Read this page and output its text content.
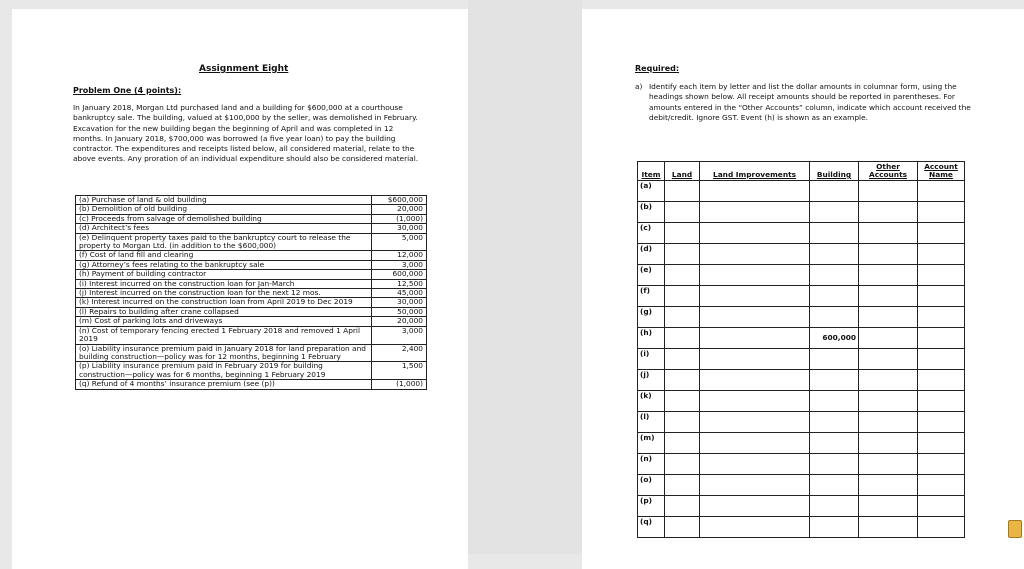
Assignment Eight
Problem One (4 points):
In January 2018, Morgan Ltd purchased land and a building for $600,000 at a courthouse bankruptcy sale. The building, valued at $100,000 by the seller, was demolished in February. Excavation for the new building began the beginning of April and was completed in 12 months. In January 2018, $700,000 was borrowed (a five year loan) to pay the building contractor. The expenditures and receipts listed below, all considered material, relate to the above events. Any proration of an individual expenditure should also be considered material.
(a) Purchase of land & old building	$600,000
(b) Demolition of old building	20,000
(c) Proceeds from salvage of demolished building	(1,000)
(d) Architect’s fees	30,000
(e) Delinquent property taxes paid to the bankruptcy court to release the property to Morgan Ltd. (in addition to the $600,000)	5,000
(f) Cost of land fill and clearing	12,000
(g) Attorney’s fees relating to the bankruptcy sale	3,000
(h) Payment of building contractor	600,000
(i) Interest incurred on the construction loan for Jan-March	12,500
(j) Interest incurred on the construction loan for the next 12 mos.	45,000
(k) Interest incurred on the construction loan from April 2019 to Dec 2019	30,000
(l) Repairs to building after crane collapsed	50,000
(m) Cost of parking lots and driveways	20,000
(n) Cost of temporary fencing erected 1 February 2018 and removed 1 April 2019	3,000
(o) Liability insurance premium paid in January 2018 for land preparation and building construction—policy was for 12 months, beginning 1 February	2,400
(p) Liability insurance premium paid in February 2019 for building construction—policy was for 6 months, beginning 1 February 2019	1,500
(q) Refund of 4 months’ insurance premium (see (p))	(1,000)
Required:
a) Identify each item by letter and list the dollar amounts in columnar form, using the headings shown below. All receipt amounts should be reported in parentheses. For amounts entered in the “Other Accounts” column, indicate which account received the debit/credit. Ignore GST. Event (h) is shown as an example.
Item	Land	Land Improvements	Building	Other Accounts	Account Name
(a)					
(b)					
(c)					
(d)					
(e)					
(f)					
(g)					
(h)			600,000		
(i)					
(j)					
(k)					
(l)					
(m)					
(n)					
(o)					
(p)					
(q)					
